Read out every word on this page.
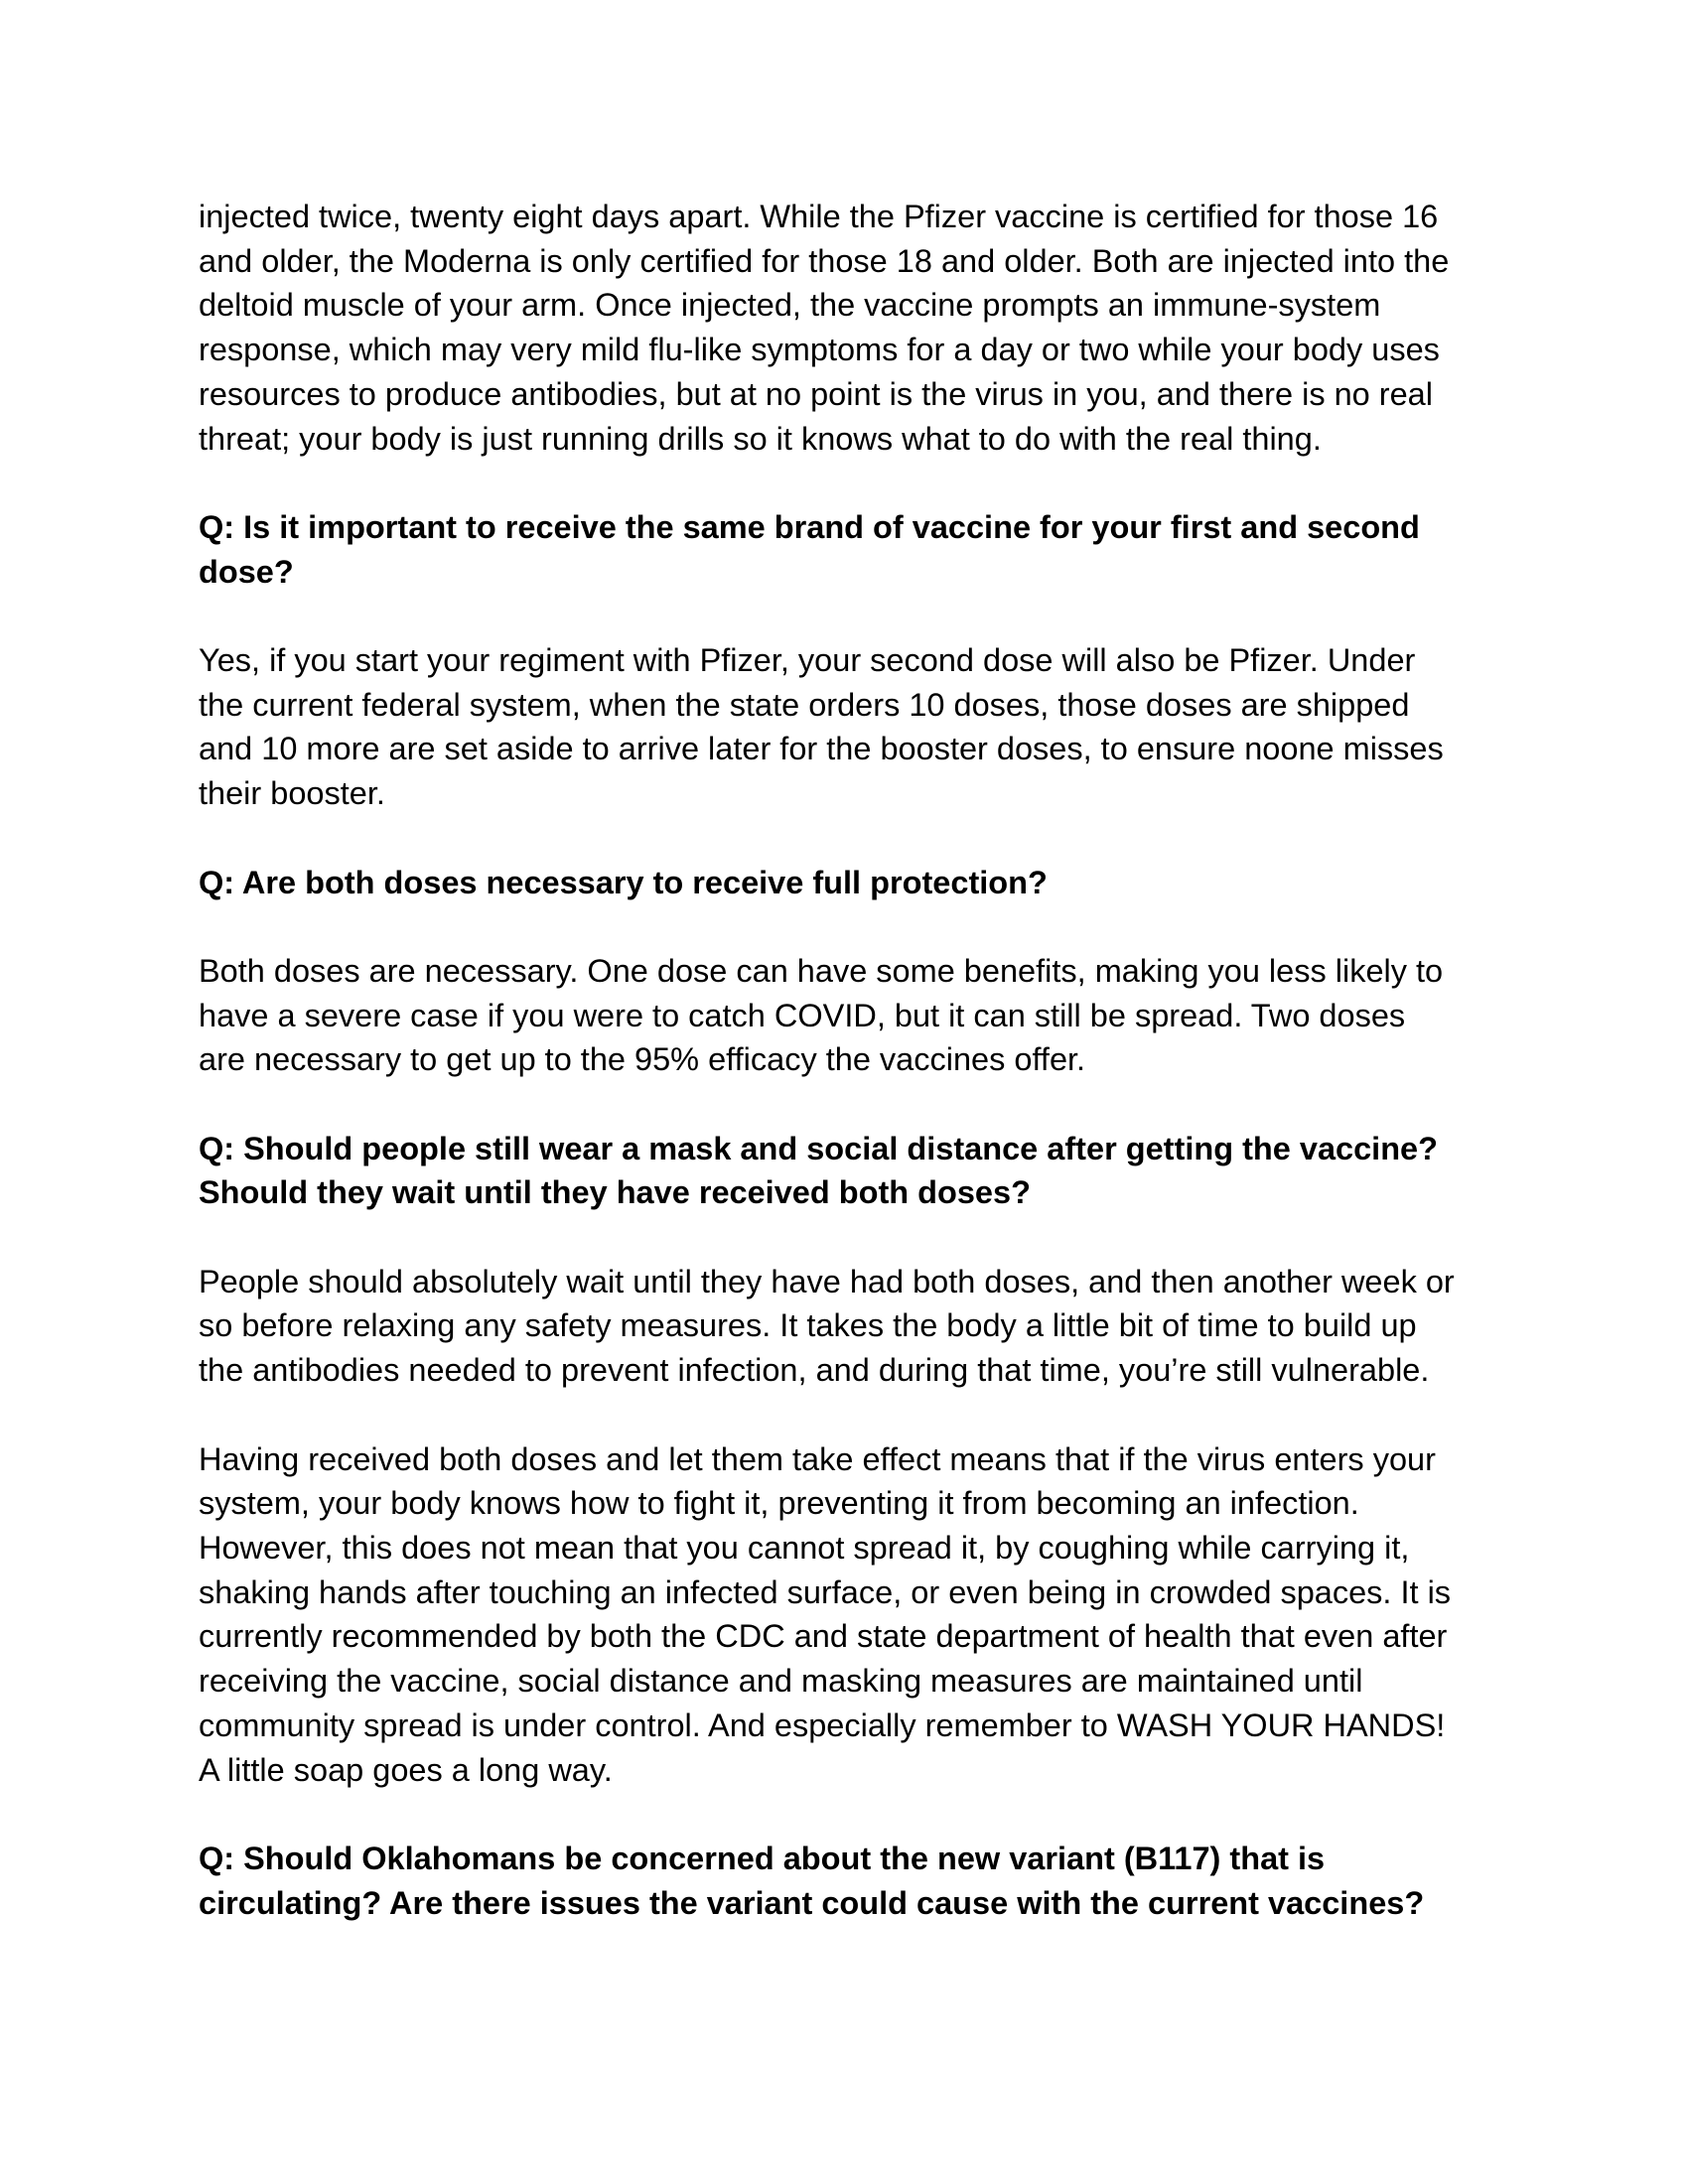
injected twice, twenty eight days apart. While the Pfizer vaccine is certified for those 16
and older, the Moderna is only certified for those 18 and older. Both are injected into the
deltoid muscle of your arm. Once injected, the vaccine prompts an immune-system
response, which may very mild flu-like symptoms for a day or two while your body uses
resources to produce antibodies, but at no point is the virus in you, and there is no real
threat; your body is just running drills so it knows what to do with the real thing.

Q: Is it important to receive the same brand of vaccine for your first and second
dose?

Yes, if you start your regiment with Pfizer, your second dose will also be Pfizer. Under
the current federal system, when the state orders 10 doses, those doses are shipped
and 10 more are set aside to arrive later for the booster doses, to ensure noone misses
their booster.

Q: Are both doses necessary to receive full protection?

Both doses are necessary. One dose can have some benefits, making you less likely to
have a severe case if you were to catch COVID, but it can still be spread. Two doses
are necessary to get up to the 95% efficacy the vaccines offer.

Q: Should people still wear a mask and social distance after getting the vaccine?
Should they wait until they have received both doses?

People should absolutely wait until they have had both doses, and then another week or
so before relaxing any safety measures. It takes the body a little bit of time to build up
the antibodies needed to prevent infection, and during that time, you’re still vulnerable.

Having received both doses and let them take effect means that if the virus enters your
system, your body knows how to fight it, preventing it from becoming an infection.
However, this does not mean that you cannot spread it, by coughing while carrying it,
shaking hands after touching an infected surface, or even being in crowded spaces. It is
currently recommended by both the CDC and state department of health that even after
receiving the vaccine, social distance and masking measures are maintained until
community spread is under control. And especially remember to WASH YOUR HANDS!
A little soap goes a long way.

Q: Should Oklahomans be concerned about the new variant (B117) that is
circulating? Are there issues the variant could cause with the current vaccines?
